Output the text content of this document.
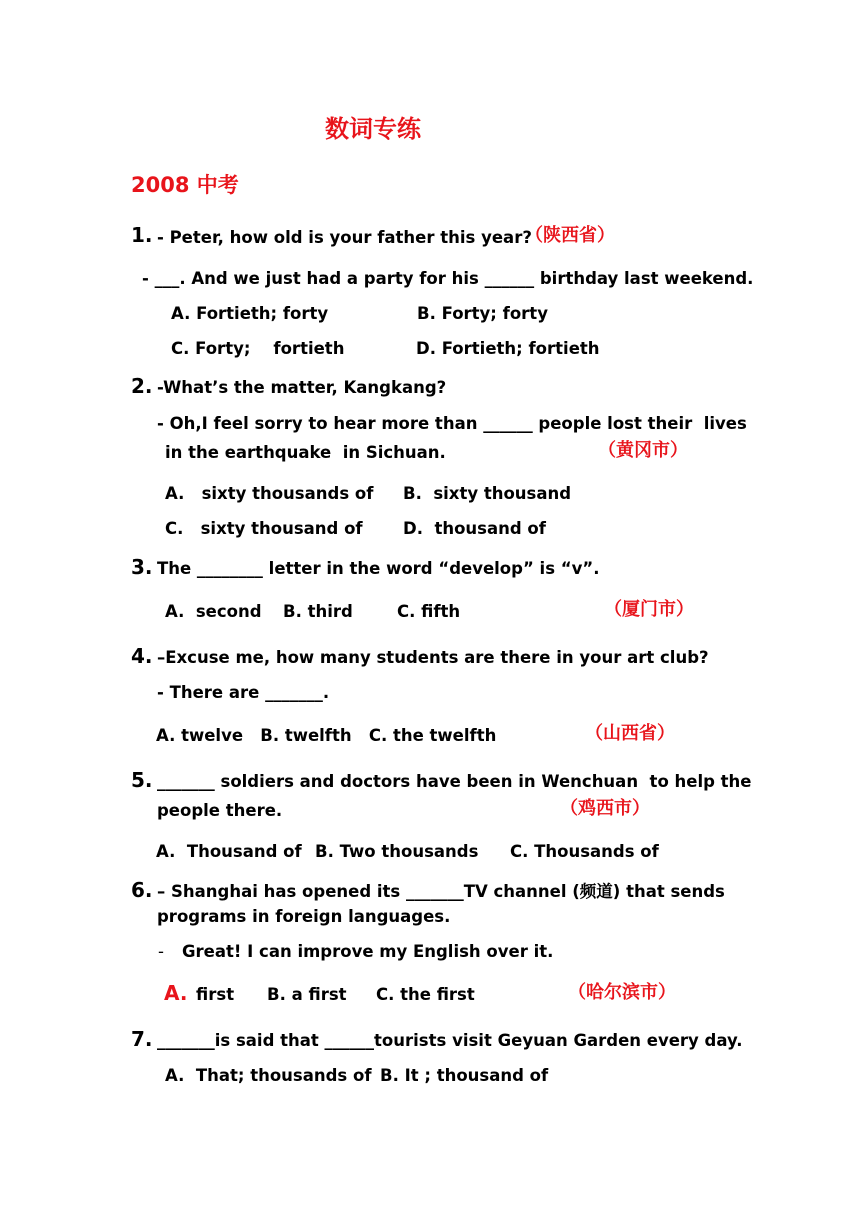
数词专练
2008 中考
1. - Peter, how old is your father this year?
（陕西省）
- ___. And we just had a party for his ______ birthday last weekend.
A. Fortieth; forty	B. Forty; forty
C. Forty;    fortieth	D. Fortieth; fortieth
2. -What’s the matter, Kangkang?
- Oh,I feel sorry to hear more than ______ people lost their  lives
in the earthquake  in Sichuan.	（黄冈市）
A.   sixty thousands of B.  sixty thousand
C.   sixty thousand of D.  thousand of
3. The ________ letter in the word “develop” is “v”.
A.  second B. third	C. fifth	（厦门市）
4. –Excuse me, how many students are there in your art club?
- There are _______.
A. twelve   B. twelfth   C. the twelfth	（山西省）
5. _______ soldiers and doctors have been in Wenchuan  to help the
people there.	（鸡西市）
A.  Thousand of B. Two thousands C. Thousands of
6. – Shanghai has opened its _______TV channel (频道) that sends
programs in foreign languages.
- Great! I can improve my English over it.
A. first B. a first C. the first	（哈尔滨市）
7. _______is said that ______tourists visit Geyuan Garden every day.
A.  That; thousands of B. It ; thousand of
